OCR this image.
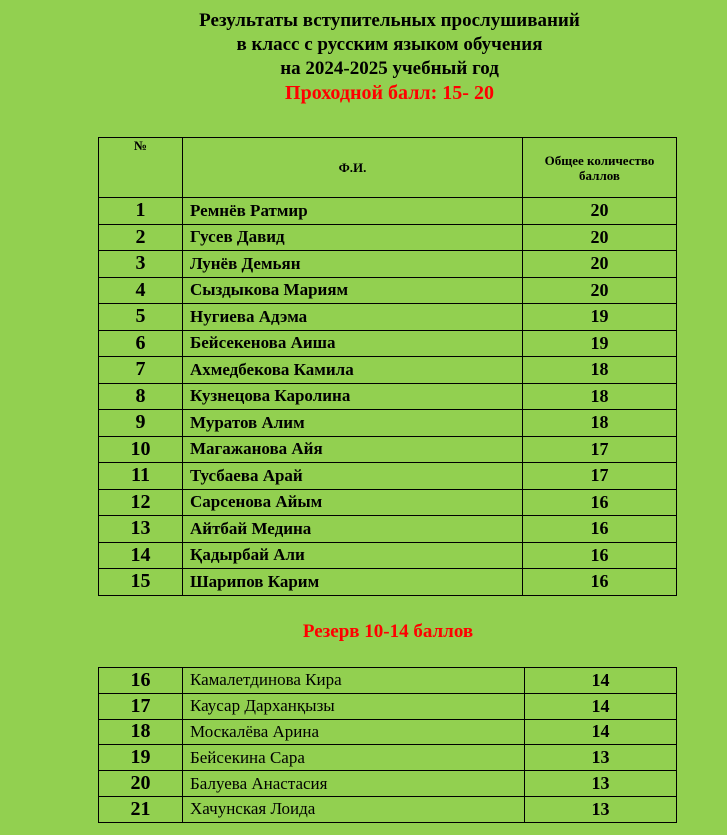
Результаты вступительных прослушиваний
в класс с русским языком обучения
на 2024-2025 учебный год
Проходной балл: 15- 20
№	Ф.И.	Общее количество баллов

1	Ремнёв Ратмир	20
2	Гусев Давид	20
3	Лунёв Демьян	20
4	Сыздыкова Мариям	20
5	Нугиева Адэма	19
6	Бейсекенова Аиша	19
7	Ахмедбекова Камила	18
8	Кузнецова Каролина	18
9	Муратов Алим	18
10	Магажанова Айя	17
11	Тусбаева Арай	17
12	Сарсенова Айым	16
13	Айтбай Медина	16
14	Қадырбай Али	16
15	Шарипов Карим	16
Резерв 10-14 баллов
16	Камалетдинова Кира	14
17	Каусар Дарханқызы	14
18	Москалёва Арина	14
19	Бейсекина Сара	13
20	Балуева Анастасия	13
21	Хачунская Лоида	13
